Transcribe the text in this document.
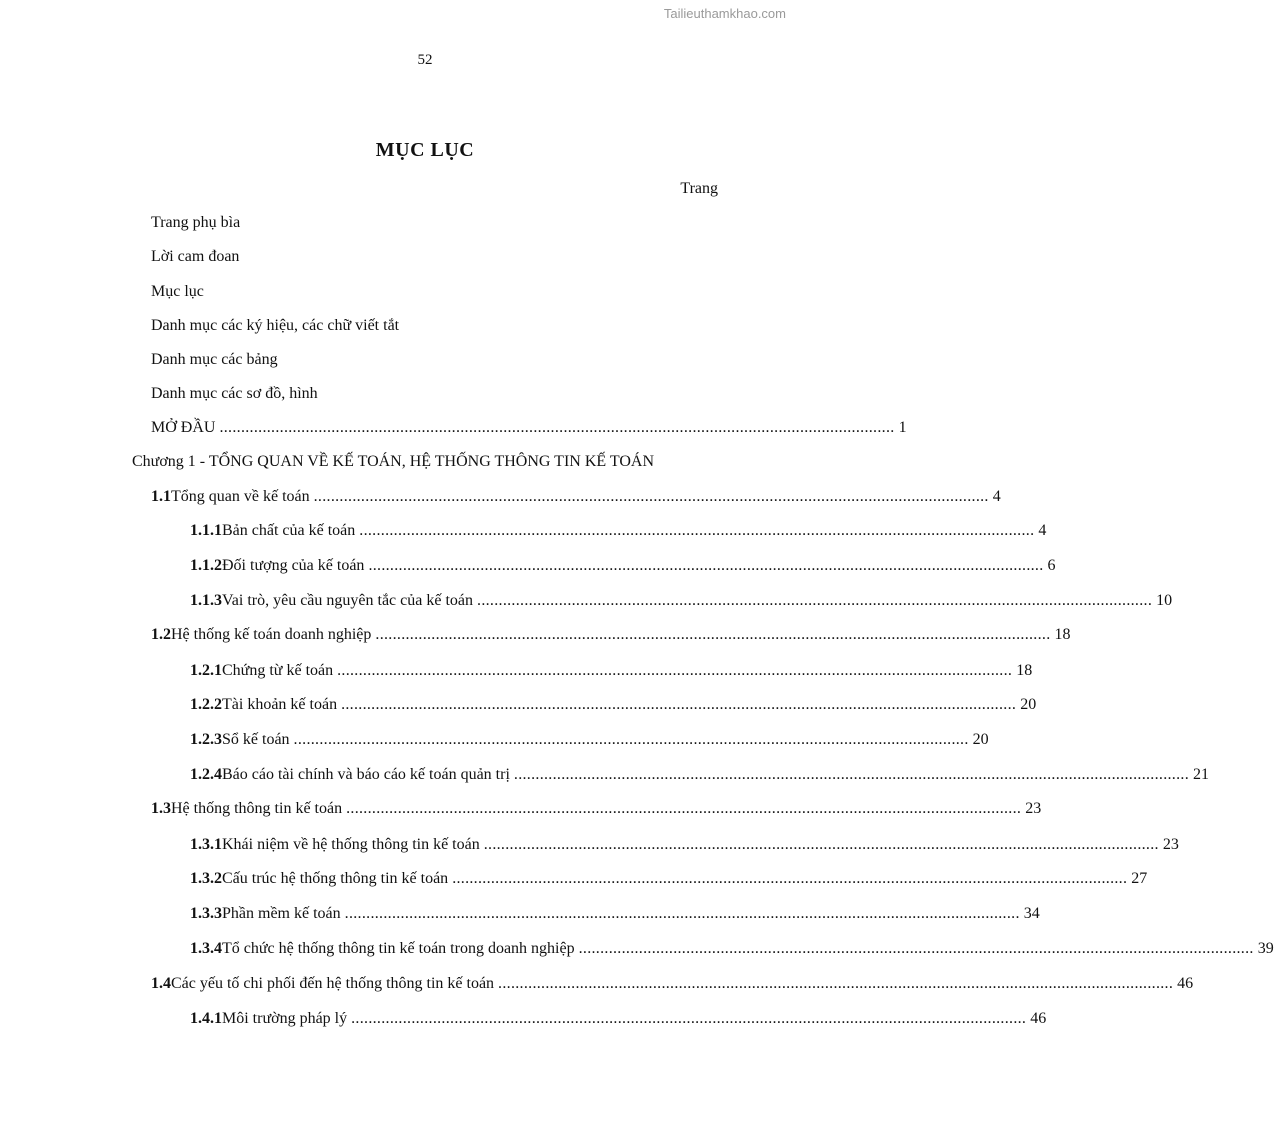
Tailieuthamkhao.com
52
MỤC LỤC
Trang
Trang phụ bìa
Lời cam đoan
Mục lục
Danh mục các ký hiệu, các chữ viết tắt
Danh mục các bảng
Danh mục các sơ đồ, hình
MỞ ĐẦU ............................................................................................................................................................. 1
Chương 1 - TỔNG QUAN VỀ KẾ TOÁN, HỆ THỐNG THÔNG TIN KẾ TOÁN
1.1 Tổng quan về kế toán ............................................................................................................................................................. 4
1.1.1 Bản chất của kế toán ............................................................................................................................................................. 4
1.1.2 Đối tượng của kế toán ............................................................................................................................................................. 6
1.1.3 Vai trò, yêu cầu nguyên tắc của kế toán ............................................................................................................................................................. 10
1.2 Hệ thống kế toán doanh nghiệp ............................................................................................................................................................. 18
1.2.1 Chứng từ kế toán ............................................................................................................................................................. 18
1.2.2 Tài khoản kế toán ............................................................................................................................................................. 20
1.2.3 Sổ kế toán ............................................................................................................................................................. 20
1.2.4 Báo cáo tài chính và báo cáo kế toán quản trị ............................................................................................................................................................. 21
1.3 Hệ thống thông tin kế toán ............................................................................................................................................................. 23
1.3.1 Khái niệm về hệ thống thông tin kế toán ............................................................................................................................................................. 23
1.3.2 Cấu trúc hệ thống thông tin kế toán ............................................................................................................................................................. 27
1.3.3 Phần mềm kế toán ............................................................................................................................................................. 34
1.3.4 Tổ chức hệ thống thông tin kế toán trong doanh nghiệp ............................................................................................................................................................. 39
1.4 Các yếu tố chi phối đến hệ thống thông tin kế toán ............................................................................................................................................................. 46
1.4.1 Môi trường pháp lý ............................................................................................................................................................. 46
